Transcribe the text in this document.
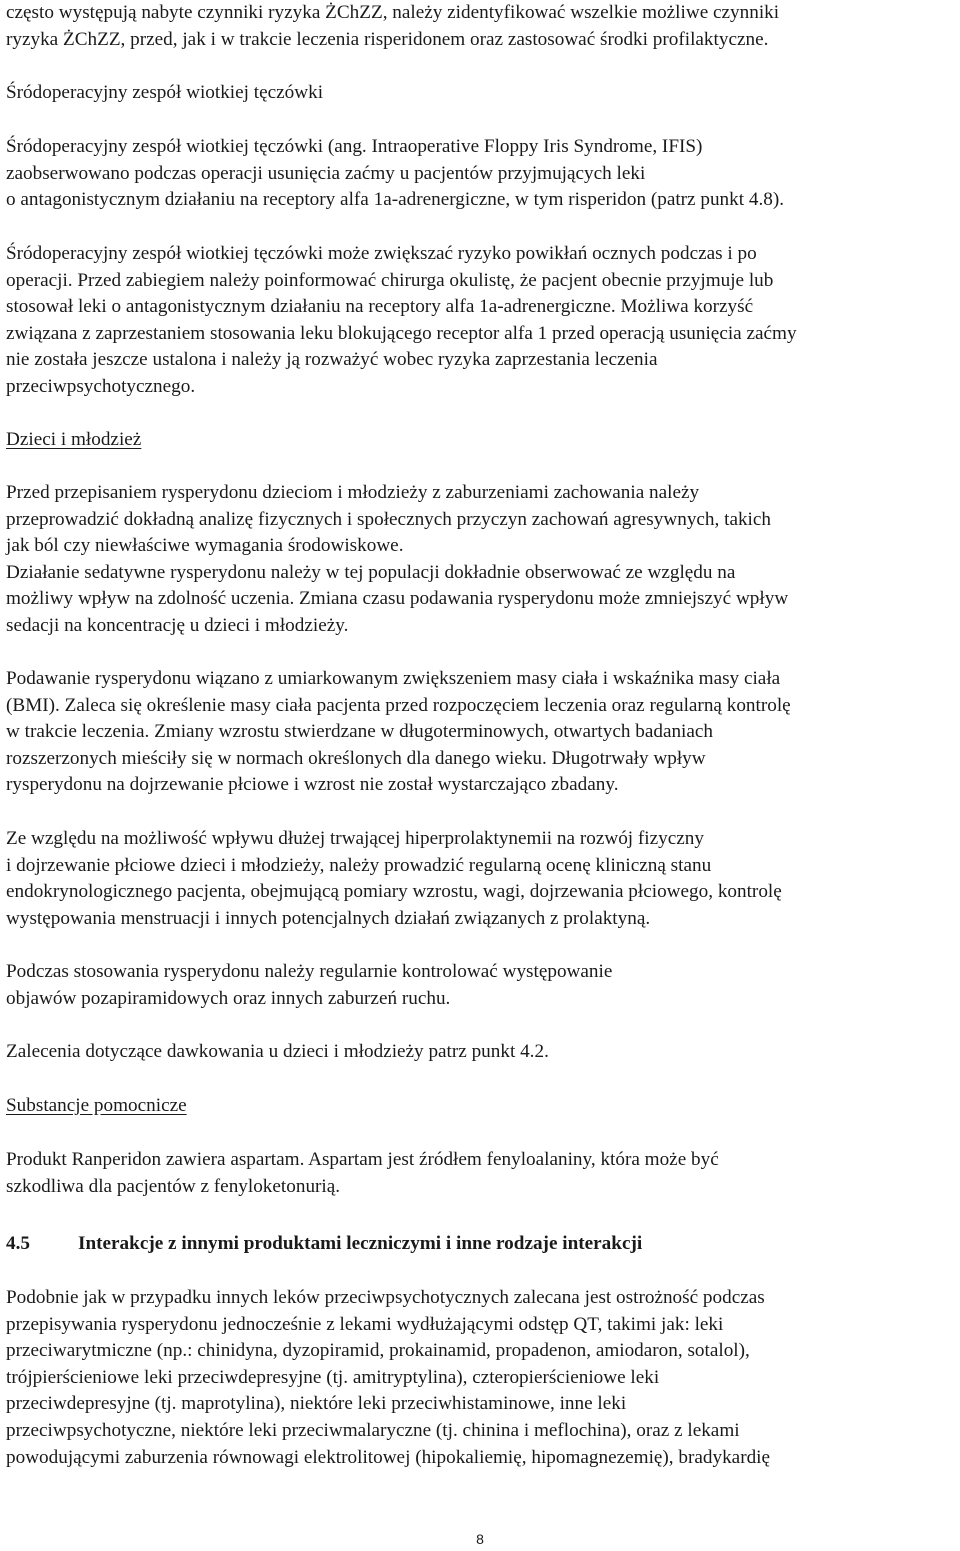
często występują nabyte czynniki ryzyka ŻChZZ, należy zidentyfikować wszelkie możliwe czynniki
ryzyka ŻChZZ, przed, jak i w trakcie leczenia risperidonem oraz zastosować środki profilaktyczne.
Śródoperacyjny zespół wiotkiej tęczówki
Śródoperacyjny zespół wiotkiej tęczówki (ang. Intraoperative Floppy Iris Syndrome, IFIS)
zaobserwowano podczas operacji usunięcia zaćmy u pacjentów przyjmujących leki
o antagonistycznym działaniu na receptory alfa 1a-adrenergiczne, w tym risperidon (patrz punkt 4.8).
Śródoperacyjny zespół wiotkiej tęczówki może zwiększać ryzyko powikłań ocznych podczas i po
operacji. Przed zabiegiem należy poinformować chirurga okulistę, że pacjent obecnie przyjmuje lub
stosował leki o antagonistycznym działaniu na receptory alfa 1a-adrenergiczne. Możliwa korzyść
związana z zaprzestaniem stosowania leku blokującego receptor alfa 1 przed operacją usunięcia zaćmy
nie została jeszcze ustalona i należy ją rozważyć wobec ryzyka zaprzestania leczenia
przeciwpsychotycznego.
Dzieci i młodzież
Przed przepisaniem rysperydonu dzieciom i młodzieży z zaburzeniami zachowania należy
przeprowadzić dokładną analizę fizycznych i społecznych przyczyn zachowań agresywnych, takich
jak ból czy niewłaściwe wymagania środowiskowe.
Działanie sedatywne rysperydonu należy w tej populacji dokładnie obserwować ze względu na
możliwy wpływ na zdolność uczenia. Zmiana czasu podawania rysperydonu może zmniejszyć wpływ
sedacji na koncentrację u dzieci i młodzieży.
Podawanie rysperydonu wiązano z umiarkowanym zwiększeniem masy ciała i wskaźnika masy ciała
(BMI). Zaleca się określenie masy ciała pacjenta przed rozpoczęciem leczenia oraz regularną kontrolę
w trakcie leczenia. Zmiany wzrostu stwierdzane w długoterminowych, otwartych badaniach
rozszerzonych mieściły się w normach określonych dla danego wieku. Długotrwały wpływ
rysperydonu na dojrzewanie płciowe i wzrost nie został wystarczająco zbadany.
Ze względu na możliwość wpływu dłużej trwającej hiperprolaktynemii na rozwój fizyczny
i dojrzewanie płciowe dzieci i młodzieży, należy prowadzić regularną ocenę kliniczną stanu
endokrynologicznego pacjenta, obejmującą pomiary wzrostu, wagi, dojrzewania płciowego, kontrolę
występowania menstruacji i innych potencjalnych działań związanych z prolaktyną.
Podczas stosowania rysperydonu należy regularnie kontrolować występowanie
objawów pozapiramidowych oraz innych zaburzeń ruchu.
Zalecenia dotyczące dawkowania u dzieci i młodzieży patrz punkt 4.2.
Substancje pomocnicze
Produkt Ranperidon zawiera aspartam. Aspartam jest źródłem fenyloalaniny, która może być
szkodliwa dla pacjentów z fenyloketonurią.
4.5	Interakcje z innymi produktami leczniczymi i inne rodzaje interakcji
Podobnie jak w przypadku innych leków przeciwpsychotycznych zalecana jest ostrożność podczas
przepisywania rysperydonu jednocześnie z lekami wydłużającymi odstęp QT, takimi jak: leki
przeciwarytmiczne (np.: chinidyna, dyzopiramid, prokainamid, propadenon, amiodaron, sotalol),
trójpierścieniowe leki przeciwdepresyjne (tj. amitryptylina), czteropierścieniowe leki
przeciwdepresyjne (tj. maprotylina), niektóre leki przeciwhistaminowe, inne leki
przeciwpsychotyczne, niektóre leki przeciwmalaryczne (tj. chinina i meflochina), oraz z lekami
powodującymi zaburzenia równowagi elektrolitowej (hipokaliemię, hipomagnezemię), bradykardię
8
